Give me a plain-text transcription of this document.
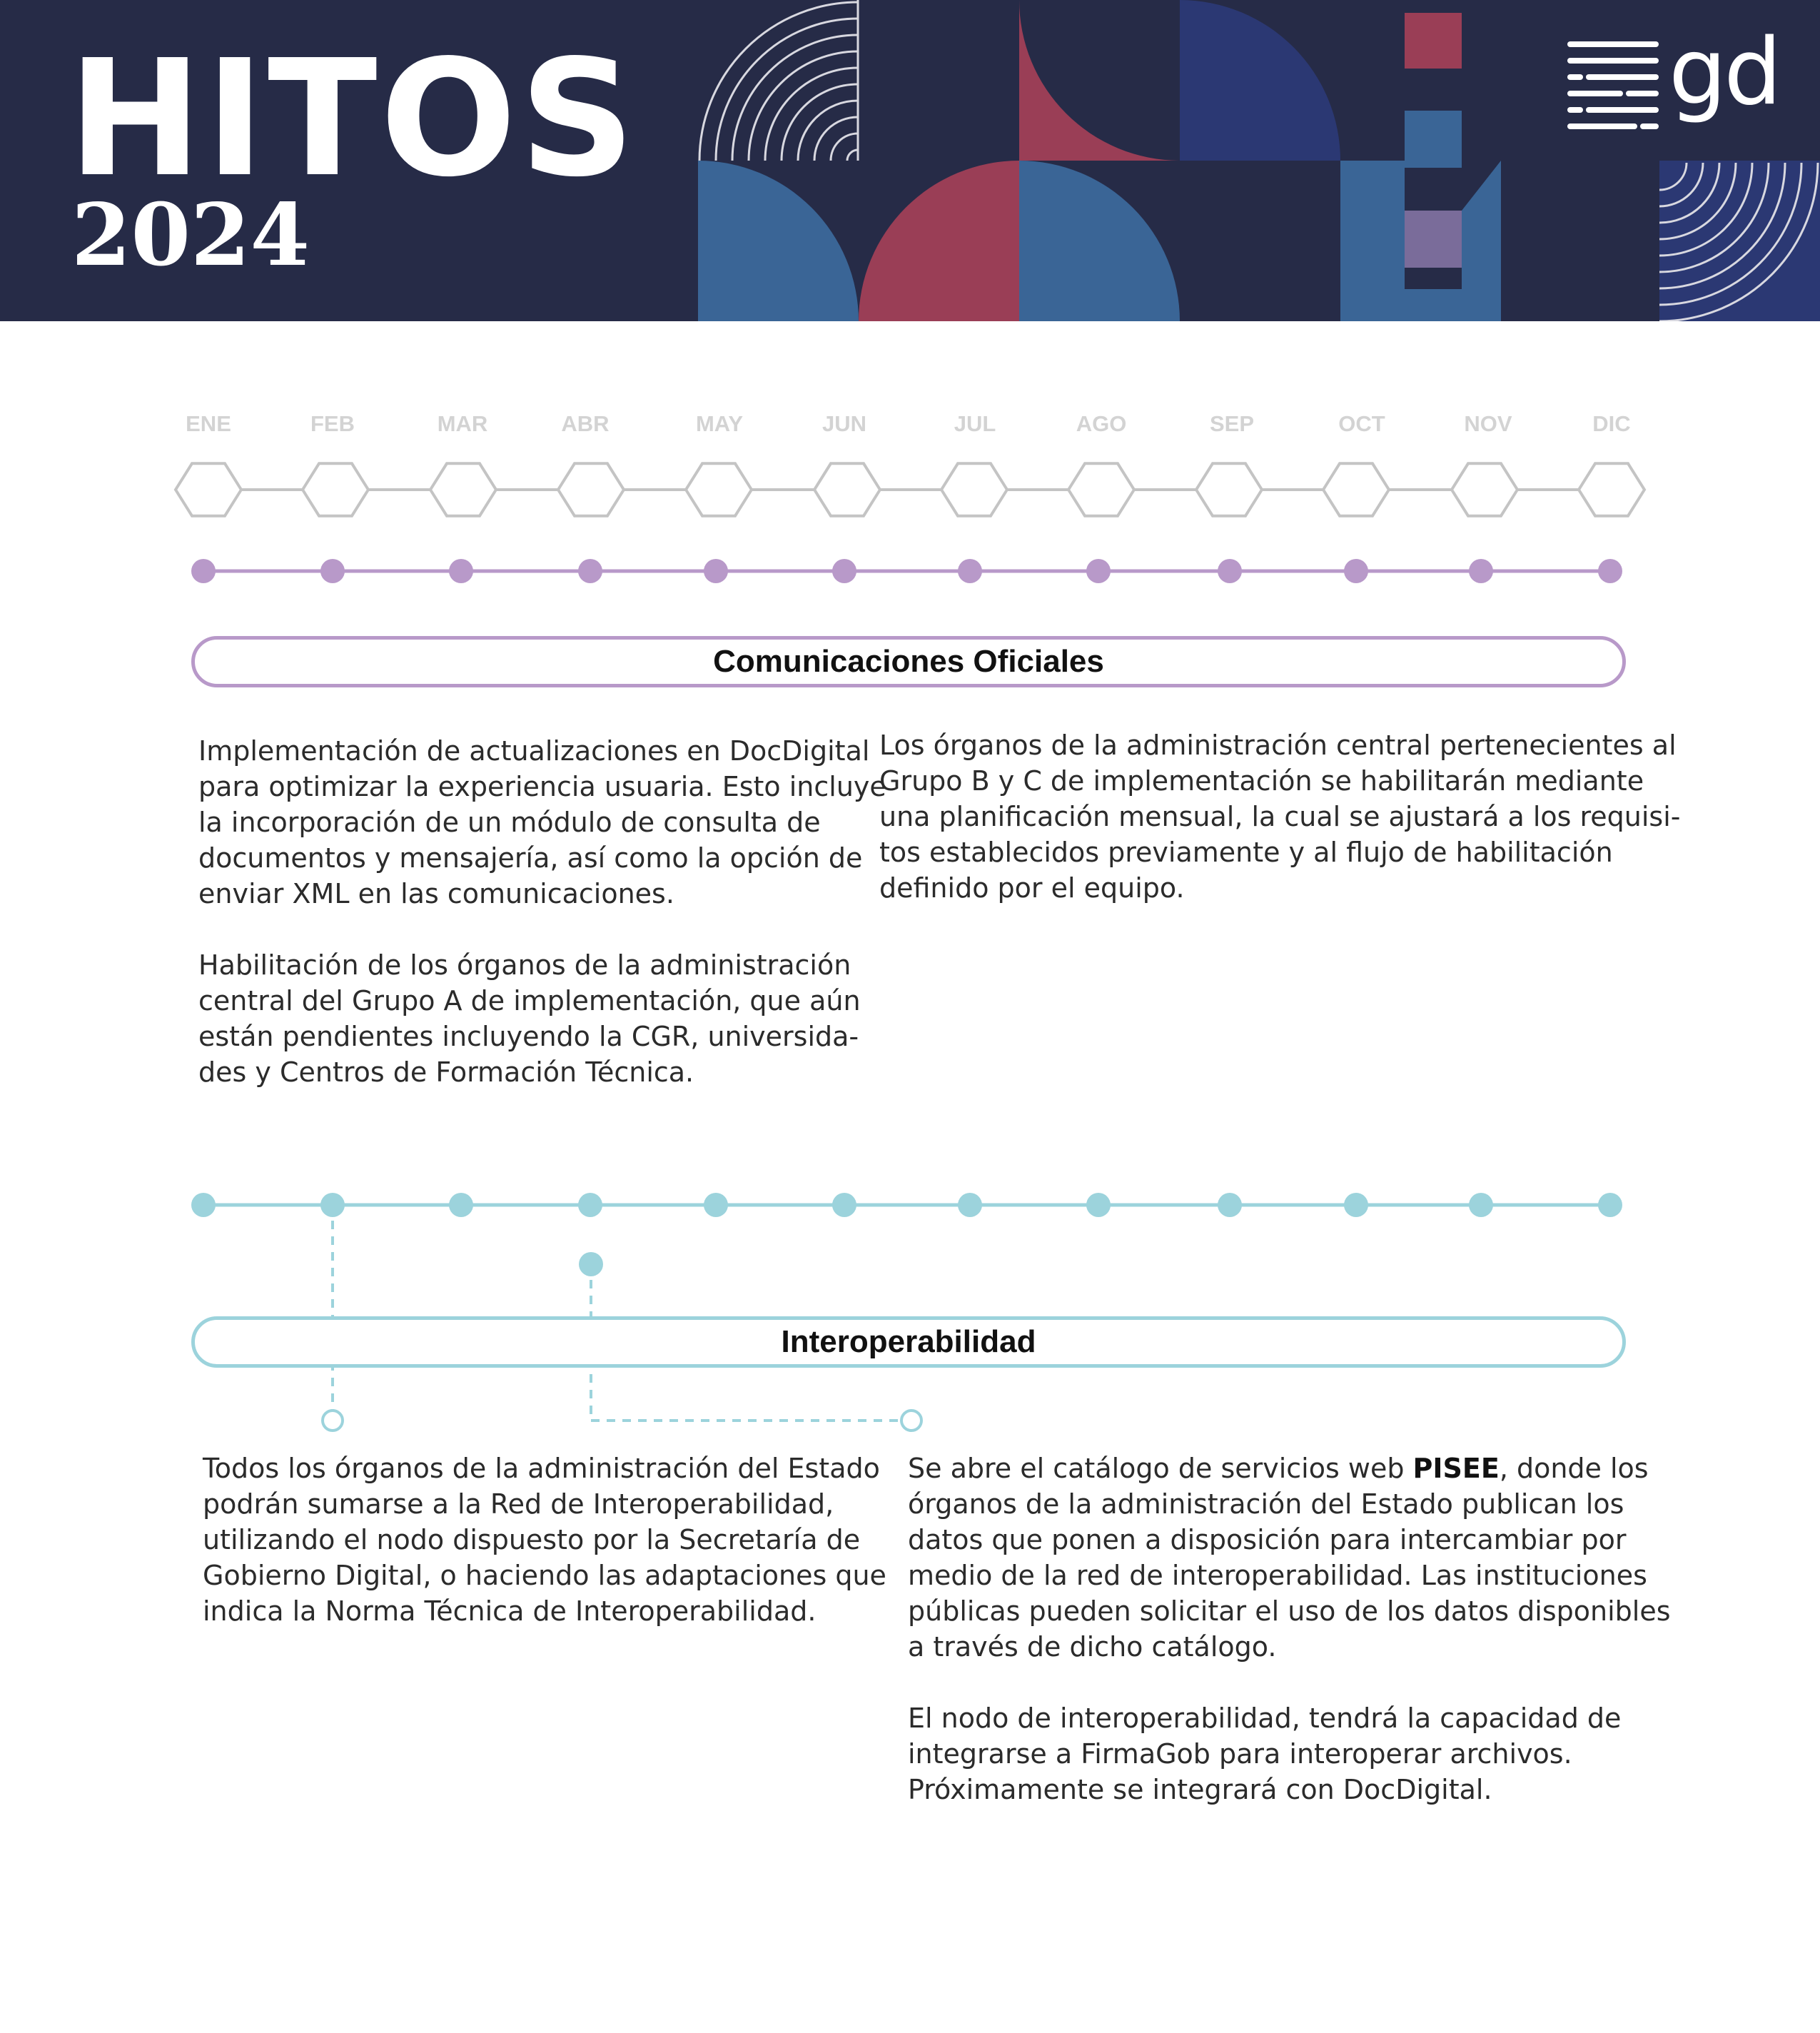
HITOS
2024
gd
ENE	FEB	MAR	ABR	MAY	JUN	JUL	AGO	SEP	OCT	NOV	DIC
Comunicaciones Oficiales

Implementación de actualizaciones en DocDigital
para optimizar la experiencia usuaria. Esto incluye
la incorporación de un módulo de consulta de
documentos y mensajería, así como la opción de
enviar XML en las comunicaciones.

Habilitación de los órganos de la administración
central del Grupo A de implementación, que aún
están pendientes incluyendo la CGR, universida-
des y Centros de Formación Técnica.

Los órganos de la administración central pertenecientes al
Grupo B y C de implementación se habilitarán mediante
una planificación mensual, la cual se ajustará a los requisi-
tos establecidos previamente y al flujo de habilitación
definido por el equipo.

Interoperabilidad

Todos los órganos de la administración del Estado
podrán sumarse a la Red de Interoperabilidad,
utilizando el nodo dispuesto por la Secretaría de
Gobierno Digital, o haciendo las adaptaciones que
indica la Norma Técnica de Interoperabilidad.

Se abre el catálogo de servicios web PISEE, donde los
órganos de la administración del Estado publican los
datos que ponen a disposición para intercambiar por
medio de la red de interoperabilidad. Las instituciones
públicas pueden solicitar el uso de los datos disponibles
a través de dicho catálogo.

El nodo de interoperabilidad, tendrá la capacidad de
integrarse a FirmaGob para interoperar archivos.
Próximamente se integrará con DocDigital.
